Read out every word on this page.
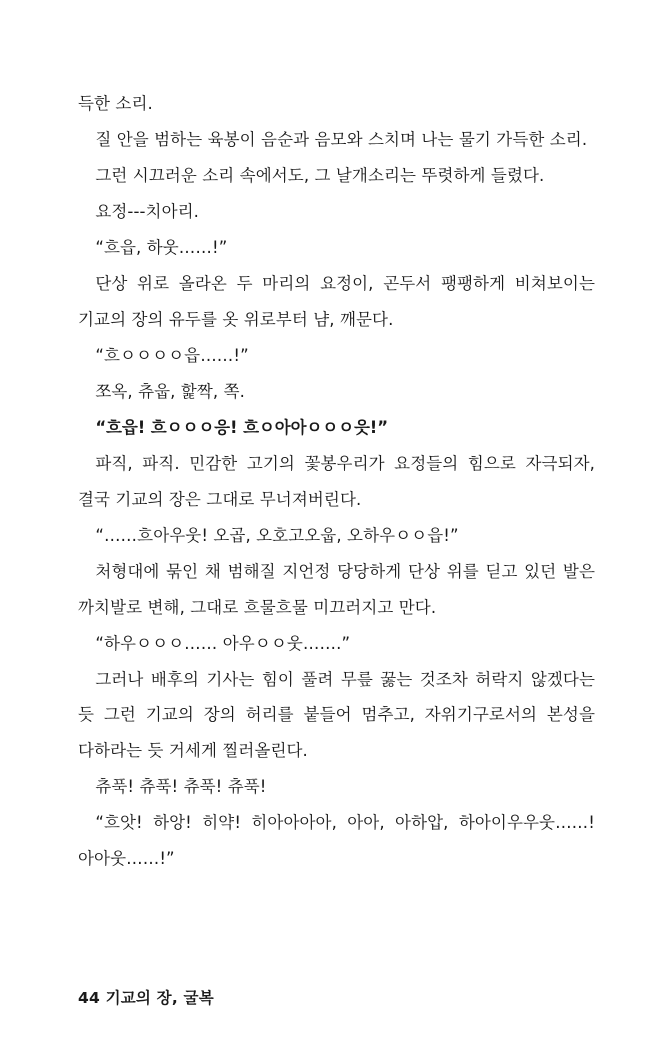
득한 소리.

질 안을 범하는 육봉이 음순과 음모와 스치며 나는 물기 가득한 소리.

그런 시끄러운 소리 속에서도, 그 날개소리는 뚜렷하게 들렸다.

요정---치아리.

“흐읍, 하웃……!”

단상 위로 올라온 두 마리의 요정이, 곤두서 팽팽하게 비쳐보이는 기교의 장의 유두를 옷 위로부터 냠, 깨문다.

“흐ㅇㅇㅇㅇ읍……!”

쪼옥, 츄웁, 핥짝, 쪽.

“흐읍! 흐ㅇㅇㅇ응! 흐ㅇ아아ㅇㅇㅇ읏!”

파직, 파직. 민감한 고기의 꽃봉우리가 요정들의 힘으로 자극되자, 결국 기교의 장은 그대로 무너져버린다.

“……흐아우웃! 오곱, 오호고오웁, 오하우ㅇㅇ읍!”

처형대에 묶인 채 범해질 지언정 당당하게 단상 위를 딛고 있던 발은 까치발로 변해, 그대로 흐물흐물 미끄러지고 만다.

“하우ㅇㅇㅇ…… 아우ㅇㅇ웃…….”

그러나 배후의 기사는 힘이 풀려 무릎 꿇는 것조차 허락지 않겠다는 듯 그런 기교의 장의 허리를 붙들어 멈추고, 자위기구로서의 본성을 다하라는 듯 거세게 찔러올린다.

츄푹! 츄푹! 츄푹! 츄푹!

“흐앗! 하앙! 히약! 히아아아아, 아아, 아하압, 하아이우우웃……! 아아웃……!”

44 기교의 장, 굴복
